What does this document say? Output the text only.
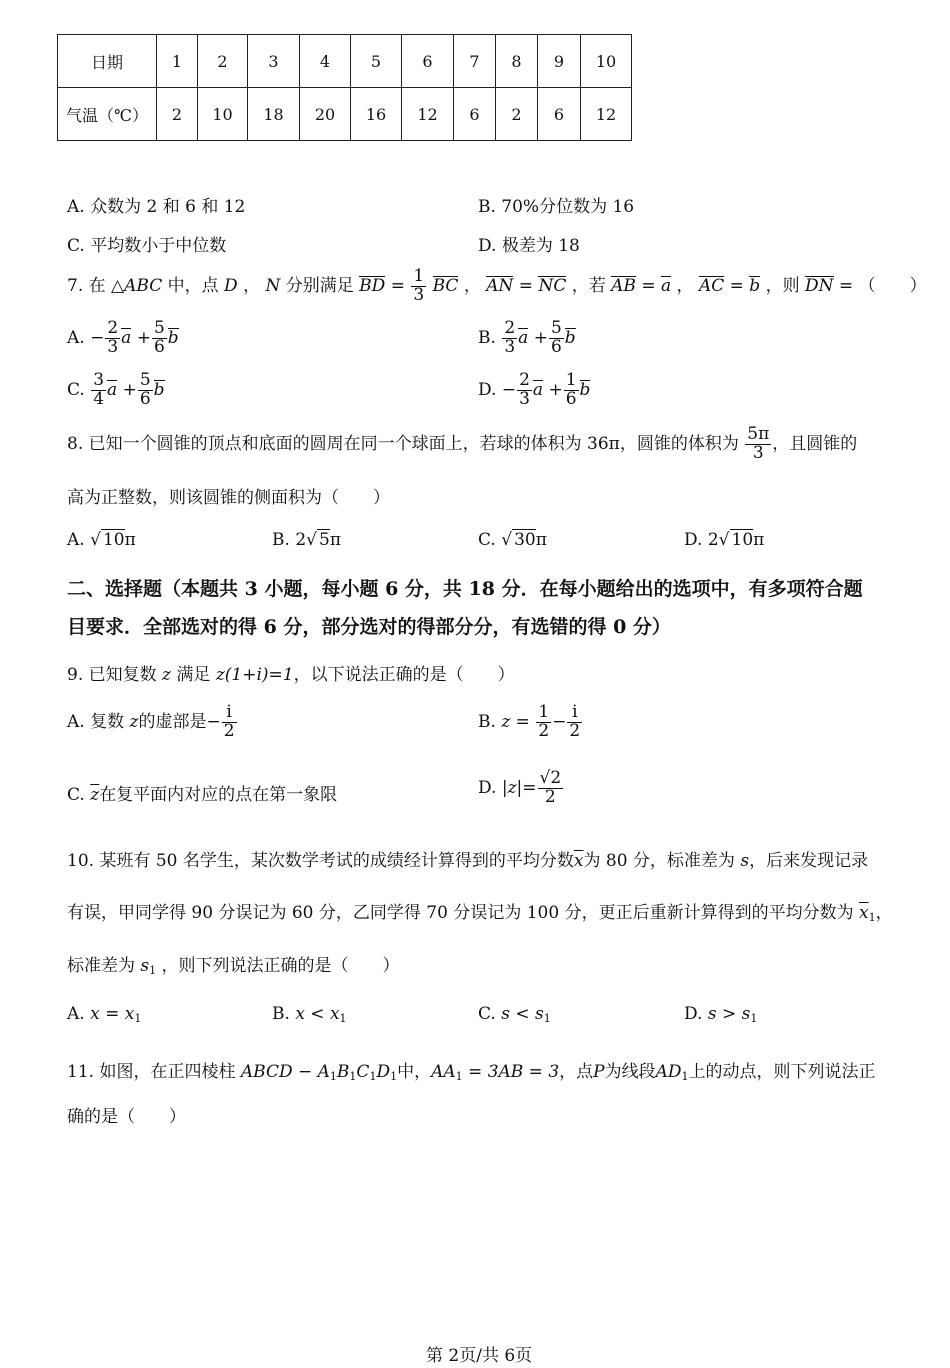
日期	1	2	3	4	5	6	7	8	9	10
气温（℃）	2	10	18	20	16	12	6	2	6	12
A. 众数为 2 和 6 和 12	B. 70%分位数为 16
C. 平均数小于中位数	D. 极差为 18
7. 在 △ABC 中，点 D ， N 分别满足 BD = $\frac{1}{3}$ BC ， AN = NC ，若 AB = a ， AC = b ，则 DN = （　　）
A. − $\frac{2}{3}$ $a + \frac{5}{6}$ b	B. $\frac{2}{3}$ $a + \frac{5}{6}$ b
C. $\frac{3}{4}$ $a + \frac{5}{6}$ b	D. − $\frac{2}{3}$ $a + \frac{1}{6}$ b
8. 已知一个圆锥的顶点和底面的圆周在同一个球面上，若球的体积为 36π，圆锥的体积为 $\frac{5\pi}{3}$ ，且圆锥的
高为正整数，则该圆锥的侧面积为（　　）
A. √ 10π	B. 2√ 5π	C. √ 30π	D. 2√ 10π
二、选择题（本题共 3 小题，每小题 6 分，共 18 分．在每小题给出的选项中，有多项符合题
目要求．全部选对的得 6 分，部分选对的得部分分，有选错的得 0 分）
9. 已知复数 z 满足 z(1+i)=1，以下说法正确的是（　　）
A. 复数 z的虚部是− $\frac{i}{2}$	B. $z = \frac{1}{2} - \frac{i}{2}$
C. $\overline{z}$在复平面内对应的点在第一象限	D. $|z|= \frac{√2}{2}$
10. 某班有 50 名学生，某次数学考试的成绩经计算得到的平均分数$\overline{x}$为 80 分，标准差为 s，后来发现记录
有误，甲同学得 90 分误记为 60 分，乙同学得 70 分误记为 100 分，更正后重新计算得到的平均分数为 $\overline{x}_1$，
标准差为 $s_1$ ，则下列说法正确的是（　　）
A. $x = x_1$	B. $x < x_1$	C. $s < s_1$	D. $s > s_1$
11. 如图，在正四棱柱 ABCD − $A_1B_1C_1D_1$中，$AA_1 = 3AB = 3$，点P为线段$AD_1$上的动点，则下列说法正
确的是（　　）
第 2页/共 6页
